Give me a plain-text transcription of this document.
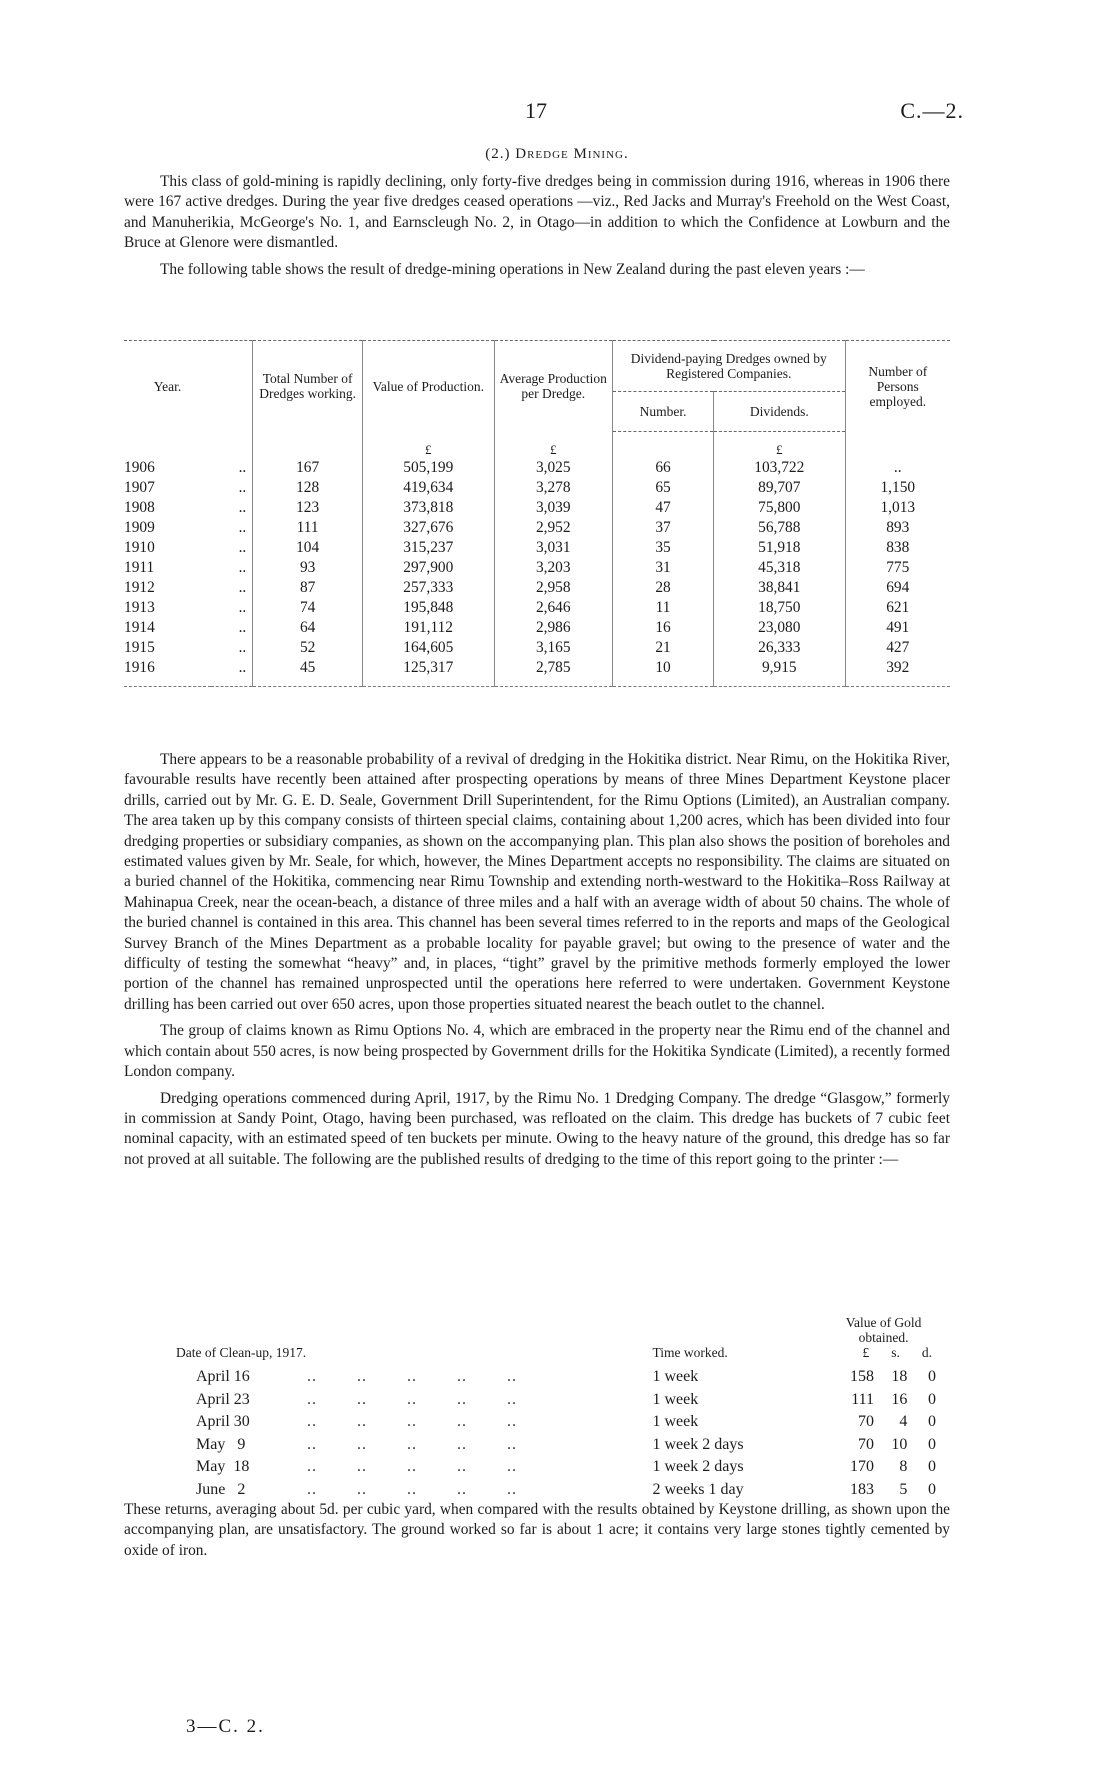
17	C.—2.
(2.) Dredge Mining.

This class of gold-mining is rapidly declining, only forty-five dredges being in commission during 1916, whereas in 1906 there were 167 active dredges. During the year five dredges ceased operations —viz., Red Jacks and Murray's Freehold on the West Coast, and Manuherikia, McGeorge's No. 1, and Earnscleugh No. 2, in Otago—in addition to which the Confidence at Lowburn and the Bruce at Glenore were dismantled.

The following table shows the result of dredge-mining operations in New Zealand during the past eleven years :—

Year.		Total Number of Dredges working.	Value of Production.	Average Production per Dredge.	Dividend-paying Dredges owned by Registered Companies.		Number of Persons employed.
					Number.	Dividends.	
			£	£		£	
1906	..	167	505,199	3,025	66	103,722	..
1907	..	128	419,634	3,278	65	89,707	1,150
1908	..	123	373,818	3,039	47	75,800	1,013
1909	..	111	327,676	2,952	37	56,788	893
1910	..	104	315,237	3,031	35	51,918	838
1911	..	93	297,900	3,203	31	45,318	775
1912	..	87	257,333	2,958	28	38,841	694
1913	..	74	195,848	2,646	11	18,750	621
1914	..	64	191,112	2,986	16	23,080	491
1915	..	52	164,605	3,165	21	26,333	427
1916	..	45	125,317	2,785	10	9,915	392

There appears to be a reasonable probability of a revival of dredging in the Hokitika district. Near Rimu, on the Hokitika River, favourable results have recently been attained after prospecting operations by means of three Mines Department Keystone placer drills, carried out by Mr. G. E. D. Seale, Government Drill Superintendent, for the Rimu Options (Limited), an Australian company. The area taken up by this company consists of thirteen special claims, containing about 1,200 acres, which has been divided into four dredging properties or subsidiary companies, as shown on the accompanying plan. This plan also shows the position of boreholes and estimated values given by Mr. Seale, for which, however, the Mines Department accepts no responsibility. The claims are situated on a buried channel of the Hokitika, commencing near Rimu Township and extending north-westward to the Hokitika–Ross Railway at Mahinapua Creek, near the ocean-beach, a distance of three miles and a half with an average width of about 50 chains. The whole of the buried channel is contained in this area. This channel has been several times referred to in the reports and maps of the Geological Survey Branch of the Mines Department as a probable locality for payable gravel; but owing to the presence of water and the difficulty of testing the somewhat “heavy” and, in places, “tight” gravel by the primitive methods formerly employed the lower portion of the channel has remained unprospected until the operations here referred to were undertaken. Government Keystone drilling has been carried out over 650 acres, upon those properties situated nearest the beach outlet to the channel.

The group of claims known as Rimu Options No. 4, which are embraced in the property near the Rimu end of the channel and which contain about 550 acres, is now being prospected by Government drills for the Hokitika Syndicate (Limited), a recently formed London company.

Dredging operations commenced during April, 1917, by the Rimu No. 1 Dredging Company. The dredge “Glasgow,” formerly in commission at Sandy Point, Otago, having been purchased, was refloated on the claim. This dredge has buckets of 7 cubic feet nominal capacity, with an estimated speed of ten buckets per minute. Owing to the heavy nature of the ground, this dredge has so far not proved at all suitable. The following are the published results of dredging to the time of this report going to the printer :—

Date of Clean-up, 1917.		Time worked.	Value of Gold obtained.
£ s. d.		

April 16	..        ..        ..        ..        ..	1 week	158	18	0
April 23	..        ..        ..        ..        ..	1 week	111	16	0
April 30	..        ..        ..        ..        ..	1 week	70	4	0
May   9	..        ..        ..        ..        ..	1 week 2 days	70	10	0
May  18	..        ..        ..        ..        ..	1 week 2 days	170	8	0
June   2	..        ..        ..        ..        ..	2 weeks 1 day	183	5	0

These returns, averaging about 5d. per cubic yard, when compared with the results obtained by Keystone drilling, as shown upon the accompanying plan, are unsatisfactory. The ground worked so far is about 1 acre; it contains very large stones tightly cemented by oxide of iron.

3—C. 2.
